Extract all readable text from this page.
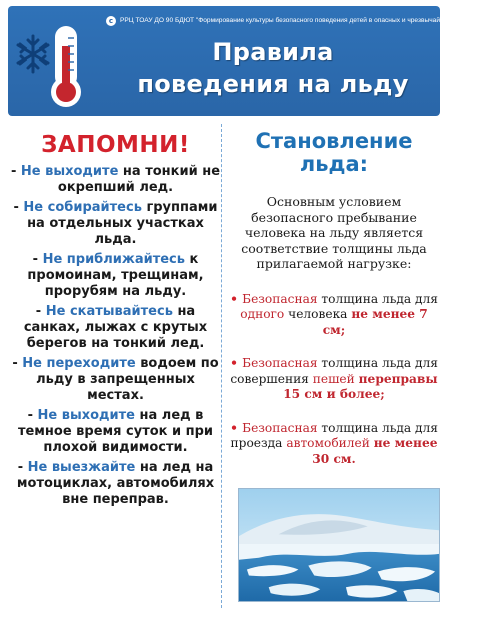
c	РРЦ ТОАУ ДО 90 БДЮТ "Формирование культуры безопасного поведения детей в опасных и чрезвычайных ситуациях"
Правила
поведения на льду
ЗАПОМНИ!
- Не выходите на тонкий не окрепший лед.
- Не собирайтесь группами на отдельных участках льда.
- Не приближайтесь к промоинам, трещинам, прорубям на льду.
- Не скатывайтесь на санках, лыжах с крутых берегов на тонкий лед.
- Не переходите водоем по льду в запрещенных местах.
- Не выходите на лед в темное время суток и при плохой видимости.
- Не выезжайте на лед на мотоциклах, автомобилях вне переправ.
Становление льда:
Основным условием безопасного пребывание человека на льду является соответствие толщины льда прилагаемой нагрузке:
• Безопасная толщина льда для одного человека не менее 7 см;
• Безопасная толщина льда для совершения пешей переправы 15 см и более;
• Безопасная толщина льда для проезда автомобилей не менее 30 см.
